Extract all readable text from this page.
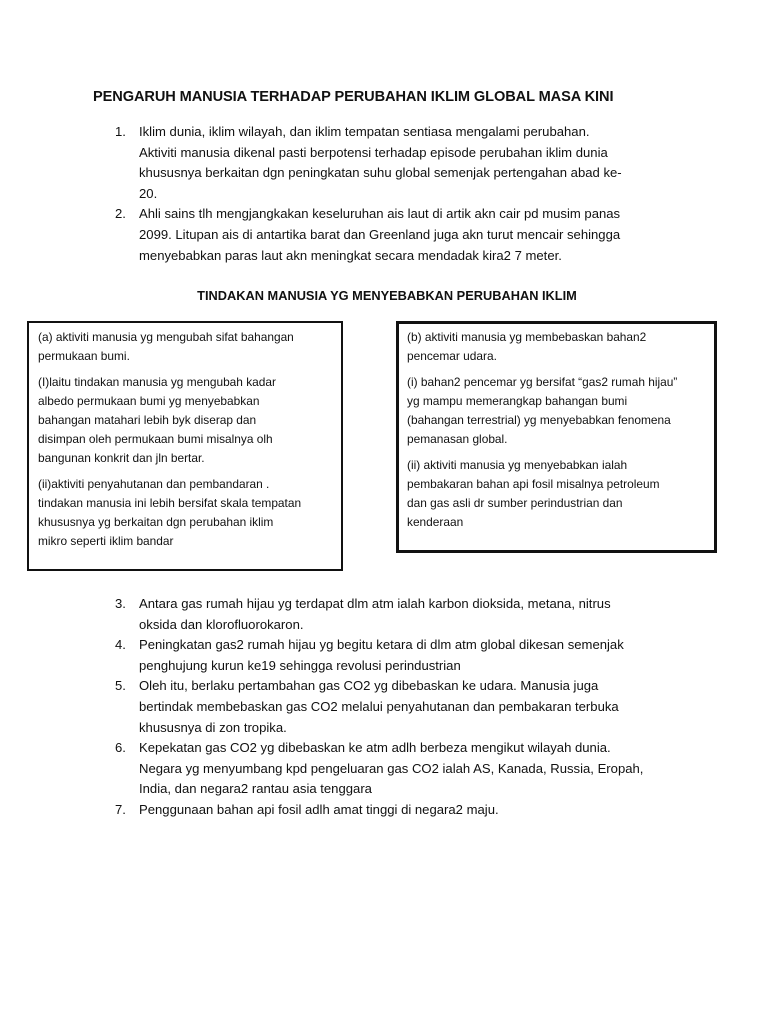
PENGARUH MANUSIA TERHADAP PERUBAHAN IKLIM GLOBAL MASA KINI
1. Iklim dunia, iklim wilayah, dan iklim tempatan sentiasa mengalami perubahan.
Aktiviti manusia dikenal pasti berpotensi terhadap episode perubahan iklim dunia
khususnya berkaitan dgn peningkatan suhu global semenjak pertengahan abad ke-
20.
2. Ahli sains tlh mengjangkakan keseluruhan ais laut di artik akn cair pd musim panas
2099. Litupan ais di antartika barat dan Greenland juga akn turut mencair sehingga
menyebabkan paras laut akn meningkat secara mendadak kira2 7 meter.
TINDAKAN MANUSIA YG MENYEBABKAN PERUBAHAN IKLIM

(a) aktiviti manusia yg mengubah sifat bahangan
permukaan bumi.

(I)laitu tindakan manusia yg mengubah kadar
albedo permukaan bumi yg menyebabkan
bahangan matahari lebih byk diserap dan
disimpan oleh permukaan bumi misalnya olh
bangunan konkrit dan jln bertar.

(ii)aktiviti penyahutanan dan pembandaran .
tindakan manusia ini lebih bersifat skala tempatan
khususnya yg berkaitan dgn perubahan iklim
mikro seperti iklim bandar

(b) aktiviti manusia yg membebaskan bahan2
pencemar udara.

(i) bahan2 pencemar yg bersifat “gas2 rumah hijau”
yg mampu memerangkap bahangan bumi
(bahangan terrestrial) yg menyebabkan fenomena
pemanasan global.

(ii) aktiviti manusia yg menyebabkan ialah
pembakaran bahan api fosil misalnya petroleum
dan gas asli dr sumber perindustrian dan
kenderaan

3. Antara gas rumah hijau yg terdapat dlm atm ialah karbon dioksida, metana, nitrus
oksida dan klorofluorokaron.
4. Peningkatan gas2 rumah hijau yg begitu ketara di dlm atm global dikesan semenjak
penghujung kurun ke19 sehingga revolusi perindustrian
5. Oleh itu, berlaku pertambahan gas CO2 yg dibebaskan ke udara. Manusia juga
bertindak membebaskan gas CO2 melalui penyahutanan dan pembakaran terbuka
khususnya di zon tropika.
6. Kepekatan gas CO2 yg dibebaskan ke atm adlh berbeza mengikut wilayah dunia.
Negara yg menyumbang kpd pengeluaran gas CO2 ialah AS, Kanada, Russia, Eropah,
India, dan negara2 rantau asia tenggara
7. Penggunaan bahan api fosil adlh amat tinggi di negara2 maju.
